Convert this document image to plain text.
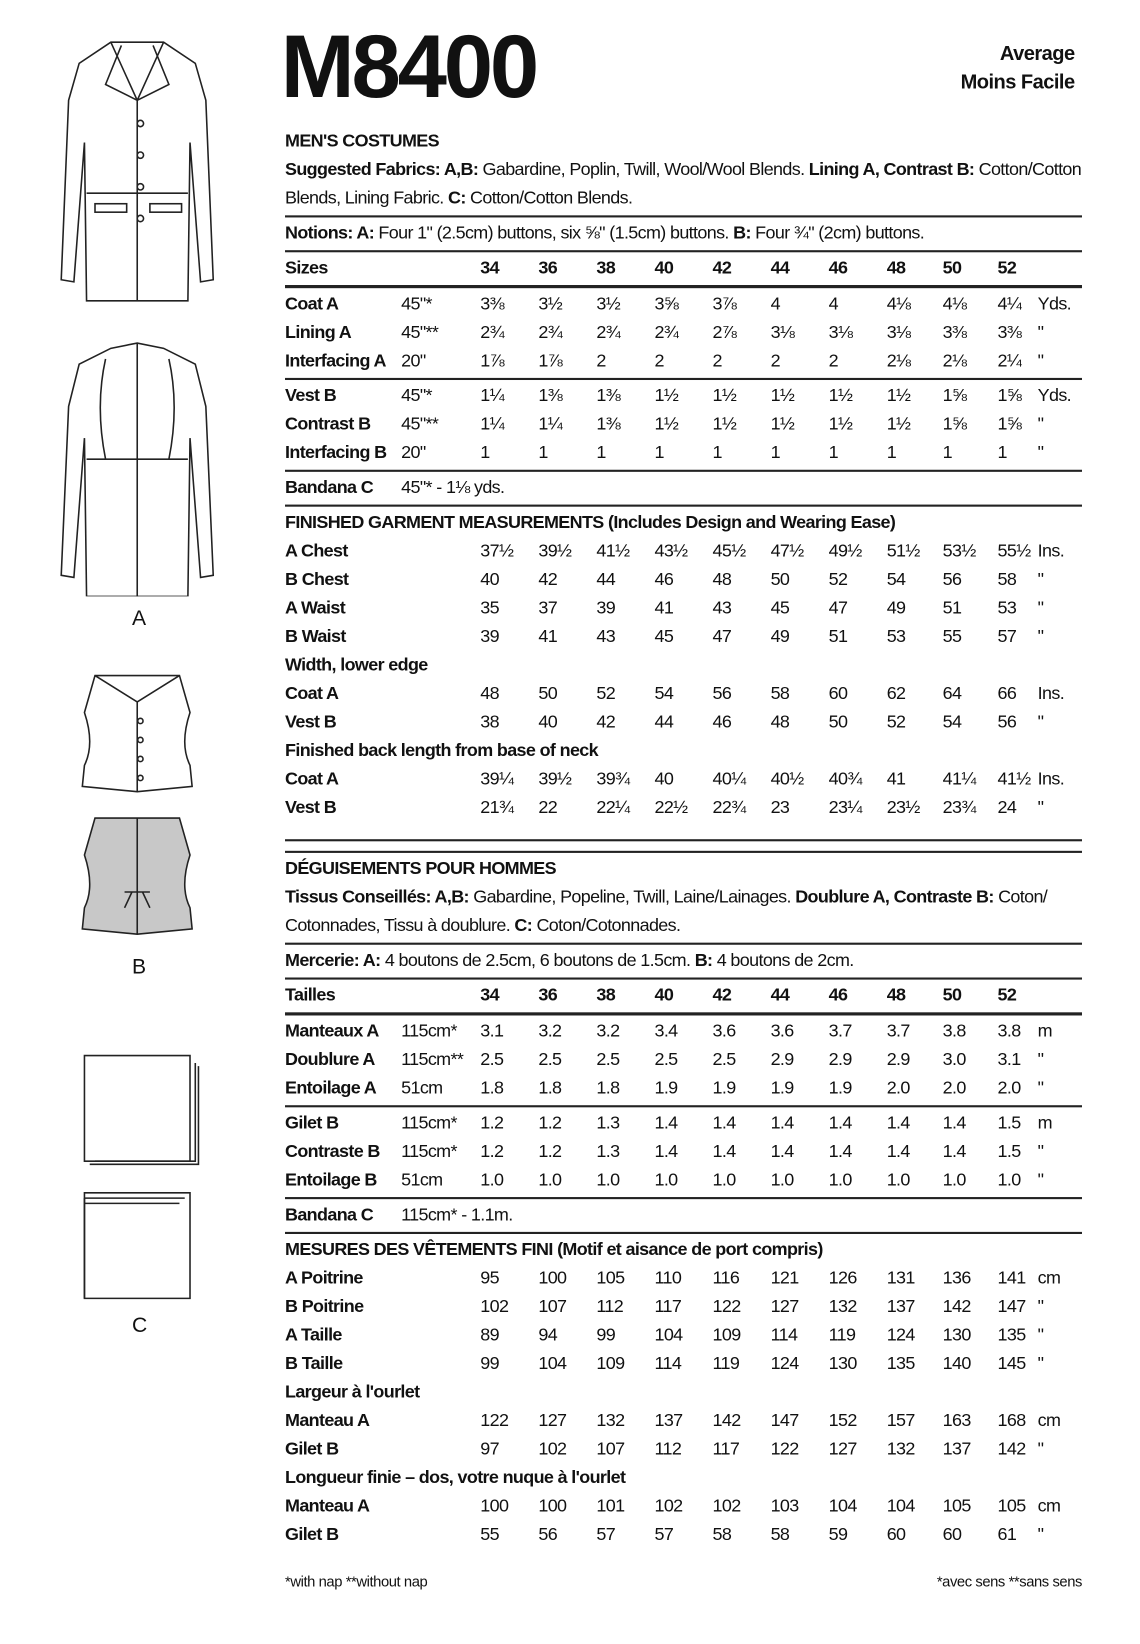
M8400	Average
Moins Facile
A
B
C
MEN'S COSTUMES
Suggested Fabrics: A,B: Gabardine, Poplin, Twill, Wool/Wool Blends. Lining A, Contrast B: Cotton/Cotton Blends, Lining Fabric. C: Cotton/Cotton Blends.
Notions: A: Four 1" (2.5cm) buttons, six ⅝" (1.5cm) buttons. B: Four ¾" (2cm) buttons.
Sizes	34 36 38 40 42 44 46 48 50 52
Coat A	45"*	3⅜ 3½ 3½ 3⅝ 3⅞ 4	4	4⅛ 4⅛ 4¼ Yds.
Lining A	45"** 2¾ 2¾ 2¾ 2¾ 2⅞ 3⅛ 3⅛ 3⅛ 3⅜ 3⅜ "
Interfacing A 20"	1⅞ 1⅞ 2	2	2	2	2	2⅛ 2⅛ 2¼ "
Vest B	45"*	1¼ 1⅜ 1⅜ 1½ 1½ 1½ 1½ 1½ 1⅝ 1⅝ Yds.
Contrast B 45"** 1¼ 1¼ 1⅜ 1½ 1½ 1½ 1½ 1½ 1⅝ 1⅝ "
Interfacing B 20"	1	1	1	1	1	1	1	1	1	1 "
Bandana C 45"* - 1⅛ yds.
FINISHED GARMENT MEASUREMENTS (Includes Design and Wearing Ease)
A Chest	37½ 39½ 41½ 43½ 45½ 47½ 49½ 51½ 53½ 55½ Ins.
B Chest	40 42 44 46 48 50 52 54 56 58 "
A Waist	35 37 39 41 43 45 47 49 51 53 "
B Waist	39 41 43 45 47 49 51 53 55 57 "
Width, lower edge
Coat A	48 50 52 54 56 58 60 62 64 66 Ins.
Vest B	38 40 42 44 46 48 50 52 54 56 "
Finished back length from base of neck
Coat A	39¼ 39½ 39¾ 40 40¼ 40½ 40¾ 41 41¼ 41½ Ins.
Vest B	21¾ 22 22¼ 22½ 22¾ 23 23¼ 23½ 23¾ 24 "
DÉGUISEMENTS POUR HOMMES
Tissus Conseillés: A,B: Gabardine, Popeline, Twill, Laine/Lainages. Doublure A, Contraste B: Coton/ Cotonnades, Tissu à doublure. C: Coton/Cotonnades.
Mercerie: A: 4 boutons de 2.5cm, 6 boutons de 1.5cm. B: 4 boutons de 2cm.
Tailles	34 36 38 40 42 44 46 48 50 52
Manteaux A 115cm* 3.1 3.2 3.2 3.4 3.6 3.6 3.7 3.7 3.8 3.8 m
Doublure A 115cm** 2.5 2.5 2.5 2.5 2.5 2.9 2.9 2.9 3.0 3.1 "
Entoilage A 51cm 1.8 1.8 1.8 1.9 1.9 1.9 1.9 2.0 2.0 2.0 "
Gilet B	115cm* 1.2 1.2 1.3 1.4 1.4 1.4 1.4 1.4 1.4 1.5 m
Contraste B 115cm* 1.2 1.2 1.3 1.4 1.4 1.4 1.4 1.4 1.4 1.5 "
Entoilage B 51cm 1.0 1.0 1.0 1.0 1.0 1.0 1.0 1.0 1.0 1.0 "
Bandana C 115cm* - 1.1m.
MESURES DES VÊTEMENTS FINI (Motif et aisance de port compris)
A Poitrine	95 100 105 110 116 121 126 131 136 141 cm
B Poitrine	102 107 112 117 122 127 132 137 142 147 "
A Taille	89 94 99 104 109 114 119 124 130 135 "
B Taille	99 104 109 114 119 124 130 135 140 145 "
Largeur à l'ourlet
Manteau A	122 127 132 137 142 147 152 157 163 168 cm
Gilet B	97 102 107 112 117 122 127 132 137 142 "
Longueur finie – dos, votre nuque à l'ourlet
Manteau A	100 100 101 102 102 103 104 104 105 105 cm
Gilet B	55 56 57 57 58 58 59 60 60 61 "
*with nap **without nap	*avec sens **sans sens
